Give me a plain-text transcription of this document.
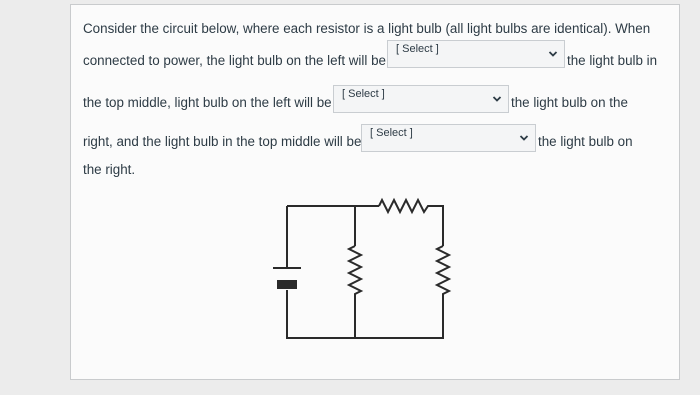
Consider the circuit below, where each resistor is a light bulb (all light bulbs are identical). When
connected to power, the light bulb on the left will be
[ Select ]
the light bulb in
the top middle, light bulb on the left will be
[ Select ]
the light bulb on the
right, and the light bulb in the top middle will be
[ Select ]
the light bulb on
the right.
